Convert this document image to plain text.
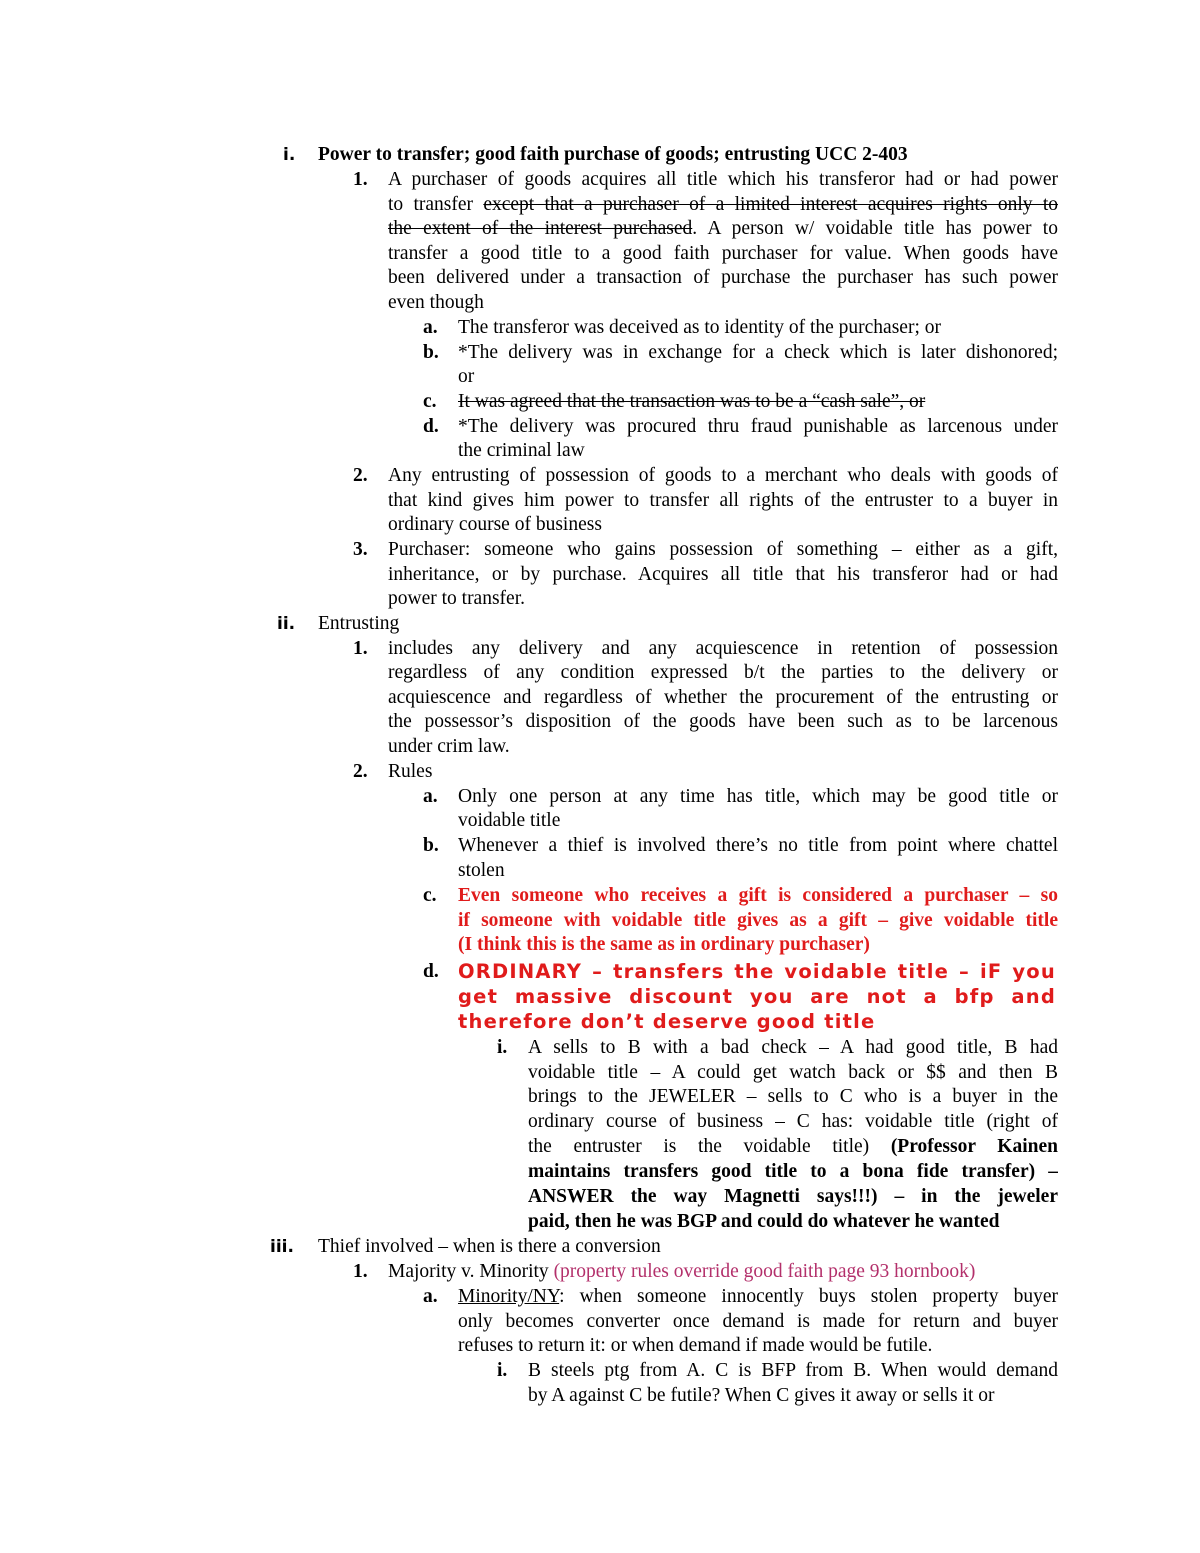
i. Power to transfer; good faith purchase of goods; entrusting UCC 2-403
1. A purchaser of goods acquires all title which his transferor had or had power
to transfer except that a purchaser of a limited interest acquires rights only to
the extent of the interest purchased. A person w/ voidable title has power to
transfer a good title to a good faith purchaser for value. When goods have
been delivered under a transaction of purchase the purchaser has such power
even though
a. The transferor was deceived as to identity of the purchaser; or
b. *The delivery was in exchange for a check which is later dishonored;
or
c. It was agreed that the transaction was to be a “cash sale”, or
d. *The delivery was procured thru fraud punishable as larcenous under
the criminal law
2. Any entrusting of possession of goods to a merchant who deals with goods of
that kind gives him power to transfer all rights of the entruster to a buyer in
ordinary course of business
3. Purchaser: someone who gains possession of something – either as a gift,
inheritance, or by purchase. Acquires all title that his transferor had or had
power to transfer.
ii. Entrusting
1. includes any delivery and any acquiescence in retention of possession
regardless of any condition expressed b/t the parties to the delivery or
acquiescence and regardless of whether the procurement of the entrusting or
the possessor’s disposition of the goods have been such as to be larcenous
under crim law.
2. Rules
a. Only one person at any time has title, which may be good title or
voidable title
b. Whenever a thief is involved there’s no title from point where chattel
stolen
c. Even someone who receives a gift is considered a purchaser – so
if someone with voidable title gives as a gift – give voidable title
(I think this is the same as in ordinary purchaser)
d. ORDINARY – transfers the voidable title – iF you
get massive discount you are not a bfp and
therefore don’t deserve good title
i. A sells to B with a bad check – A had good title, B had
voidable title – A could get watch back or $$ and then B
brings to the JEWELER – sells to C who is a buyer in the
ordinary course of business – C has: voidable title (right of
the entruster is the voidable title) (Professor Kainen
maintains transfers good title to a bona fide transfer) –
ANSWER the way Magnetti says!!!) – in the jeweler
paid, then he was BGP and could do whatever he wanted
iii. Thief involved – when is there a conversion
1. Majority v. Minority (property rules override good faith page 93 hornbook)
a. Minority/NY: when someone innocently buys stolen property buyer
only becomes converter once demand is made for return and buyer
refuses to return it: or when demand if made would be futile.
i. B steels ptg from A. C is BFP from B. When would demand
by A against C be futile? When C gives it away or sells it or
